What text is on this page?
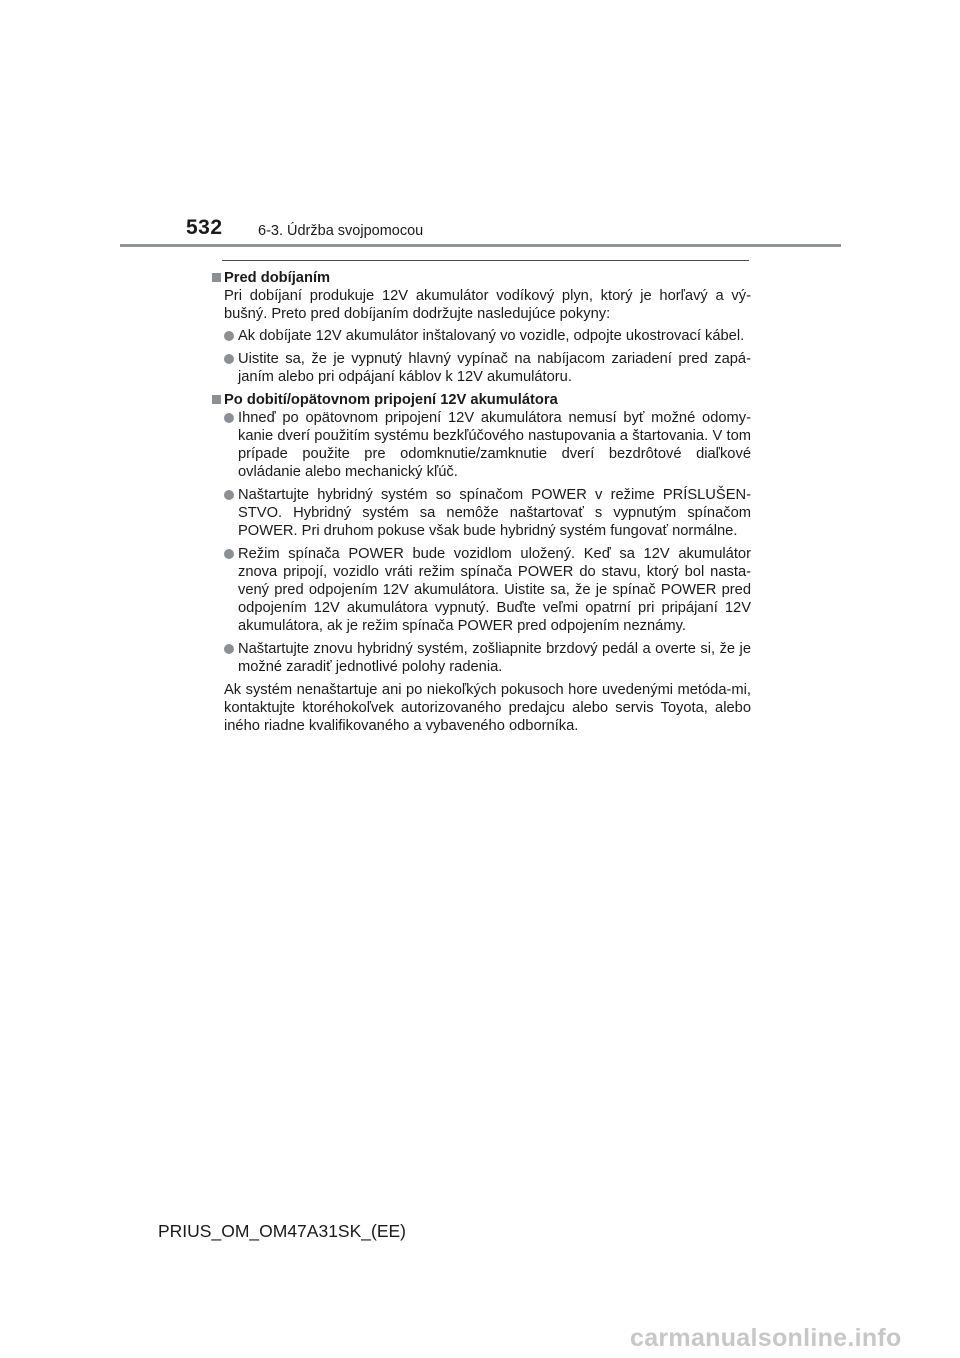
532 6-3. Údržba svojpomocou
Pred dobíjaním
Pri dobíjaní produkuje 12V akumulátor vodíkový plyn, ktorý je horľavý a vý-bušný. Preto pred dobíjaním dodržujte nasledujúce pokyny:
Ak dobíjate 12V akumulátor inštalovaný vo vozidle, odpojte ukostrovací kábel.
Uistite sa, že je vypnutý hlavný vypínač na nabíjacom zariadení pred zapá-janím alebo pri odpájaní káblov k 12V akumulátoru.
Po dobití/opätovnom pripojení 12V akumulátora
Ihneď po opätovnom pripojení 12V akumulátora nemusí byť možné odomy-kanie dverí použitím systému bezkľúčového nastupovania a štartovania. V tom prípade použite pre odomknutie/zamknutie dverí bezdrôtové diaľkové ovládanie alebo mechanický kľúč.
Naštartujte hybridný systém so spínačom POWER v režime PRÍSLUŠEN-STVO. Hybridný systém sa nemôže naštartovať s vypnutým spínačom POWER. Pri druhom pokuse však bude hybridný systém fungovať normálne.
Režim spínača POWER bude vozidlom uložený. Keď sa 12V akumulátor znova pripojí, vozidlo vráti režim spínača POWER do stavu, ktorý bol nasta-vený pred odpojením 12V akumulátora. Uistite sa, že je spínač POWER pred odpojením 12V akumulátora vypnutý. Buďte veľmi opatrní pri pripájaní 12V akumulátora, ak je režim spínača POWER pred odpojením neznámy.
Naštartujte znovu hybridný systém, zošliapnite brzdový pedál a overte si, že je možné zaradiť jednotlivé polohy radenia.
Ak systém nenaštartuje ani po niekoľkých pokusoch hore uvedenými metóda-mi, kontaktujte ktoréhokoľvek autorizovaného predajcu alebo servis Toyota, alebo iného riadne kvalifikovaného a vybaveného odborníka.
PRIUS_OM_OM47A31SK_(EE)
carmanualsonline.info
